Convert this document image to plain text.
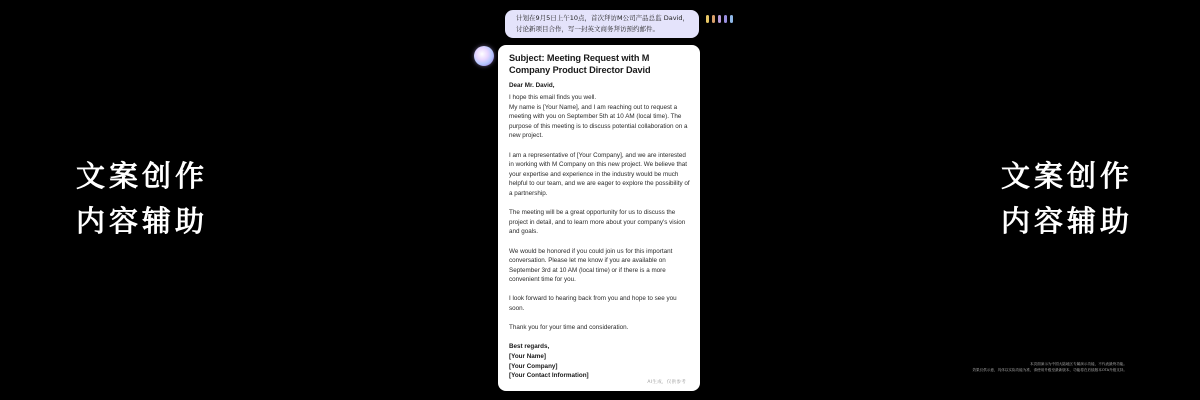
文案创作
内容辅助
文案创作
内容辅助
计划在9月5日上午10点，首次拜访M公司产品总监 David，讨论新项目合作，写一封英文商务拜访预约邮件。
Subject: Meeting Request with M Company Product Director David
Dear Mr. David,

I hope this email finds you well.

My name is [Your Name], and I am reaching out to request a meeting with you on September 5th at 10 AM (local time). The purpose of this meeting is to discuss potential collaboration on a new project.

I am a representative of [Your Company], and we are interested in working with M Company on this new project. We believe that your expertise and experience in the industry would be much helpful to our team, and we are eager to explore the possibility of a partnership.

The meeting will be a great opportunity for us to discuss the project in detail, and to learn more about your company's vision and goals.

We would be honored if you could join us for this important conversation. Please let me know if you are available on September 3rd at 10 AM (local time) or if there is a more convenient time for you.

I look forward to hearing back from you and hope to see you soon.

Thank you for your time and consideration.

Best regards,
[Your Name]
[Your Company]
[Your Contact Information]
AI生成，仅供参考
本页面演示为中国大陆地区专属演示功能，不代表最终功能。
效果仅供示意，具体以实际功能为准，请使用升级至最新版本，功能将在后续版本OTA升级支持。
